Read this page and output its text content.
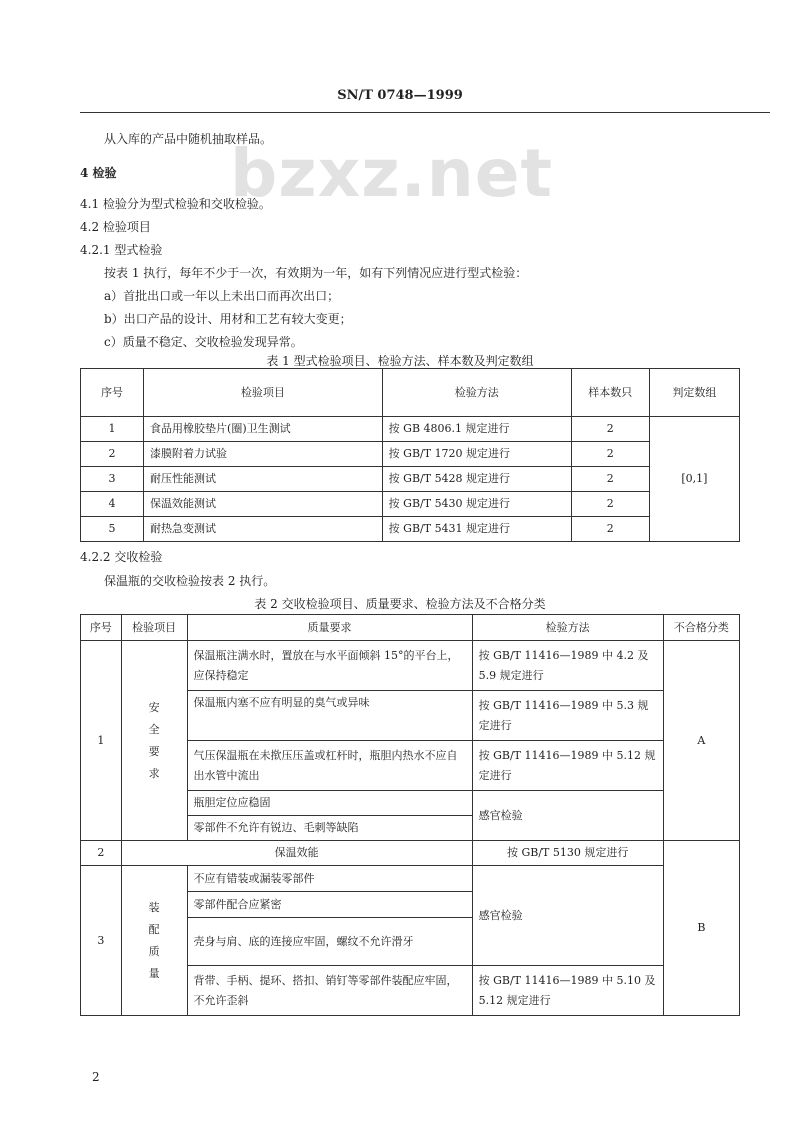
SN/T 0748—1999
bzxz.net
从入库的产品中随机抽取样品。
4 检验
4.1 检验分为型式检验和交收检验。
4.2 检验项目
4.2.1 型式检验
按表 1 执行，每年不少于一次，有效期为一年，如有下列情况应进行型式检验：
a）首批出口或一年以上未出口而再次出口；
b）出口产品的设计、用材和工艺有较大变更；
c）质量不稳定、交收检验发现异常。
表 1 型式检验项目、检验方法、样本数及判定数组
序号	检验项目	检验方法	样本数只	判定数组
1	食品用橡胶垫片(圈)卫生测试	按 GB 4806.1 规定进行	2	[0,1]
2	漆膜附着力试验	按 GB/T 1720 规定进行	2	
3	耐压性能测试	按 GB/T 5428 规定进行	2	
4	保温效能测试	按 GB/T 5430 规定进行	2	
5	耐热急变测试	按 GB/T 5431 规定进行	2	
4.2.2 交收检验
保温瓶的交收检验按表 2 执行。
表 2 交收检验项目、质量要求、检验方法及不合格分类
序号	检验项目	质量要求	检验方法	不合格分类
1	安全要求	保温瓶注满水时，置放在与水平面倾斜 15°的平台上，应保持稳定	按 GB/T 11416—1989 中 4.2 及 5.9 规定进行	A
		保温瓶内塞不应有明显的臭气或异味	按 GB/T 11416—1989 中 5.3 规定进行	
		气压保温瓶在未揿压压盖或杠杆时，瓶胆内热水不应自出水管中流出	按 GB/T 11416—1989 中 5.12 规定进行	
		瓶胆定位应稳固	感官检验	
		零部件不允许有锐边、毛刺等缺陷		
2	保温效能		按 GB/T 5130 规定进行	B
3	装配质量	不应有错装或漏装零部件	感官检验	
		零部件配合应紧密		
		壳身与肩、底的连接应牢固，螺纹不允许滑牙		
		背带、手柄、提环、搭扣、销钉等零部件装配应牢固，不允许歪斜	按 GB/T 11416—1989 中 5.10 及 5.12 规定进行	
2
